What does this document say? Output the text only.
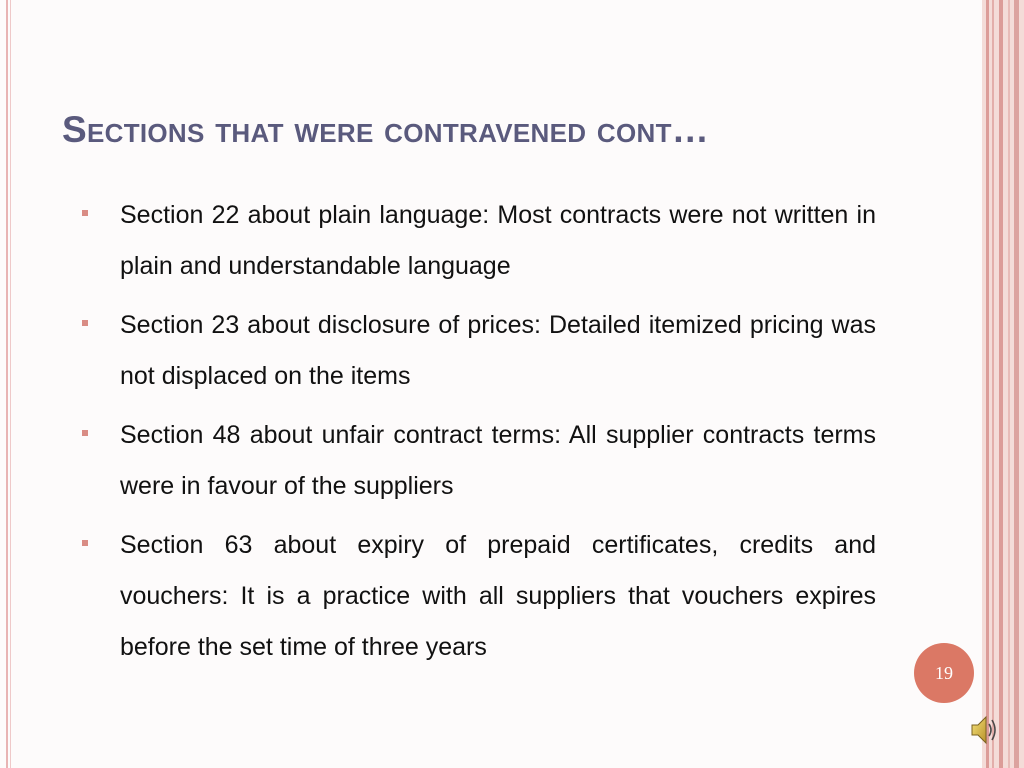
Sections that were contravened cont…
Section 22 about plain language: Most contracts were not written in plain and understandable language
Section 23 about disclosure of prices: Detailed itemized pricing was not displaced on the items
Section 48 about unfair contract terms: All supplier contracts terms were in favour of the suppliers
Section 63 about expiry of prepaid certificates, credits and vouchers: It is a practice with all suppliers that vouchers expires before the set time of three years
19
